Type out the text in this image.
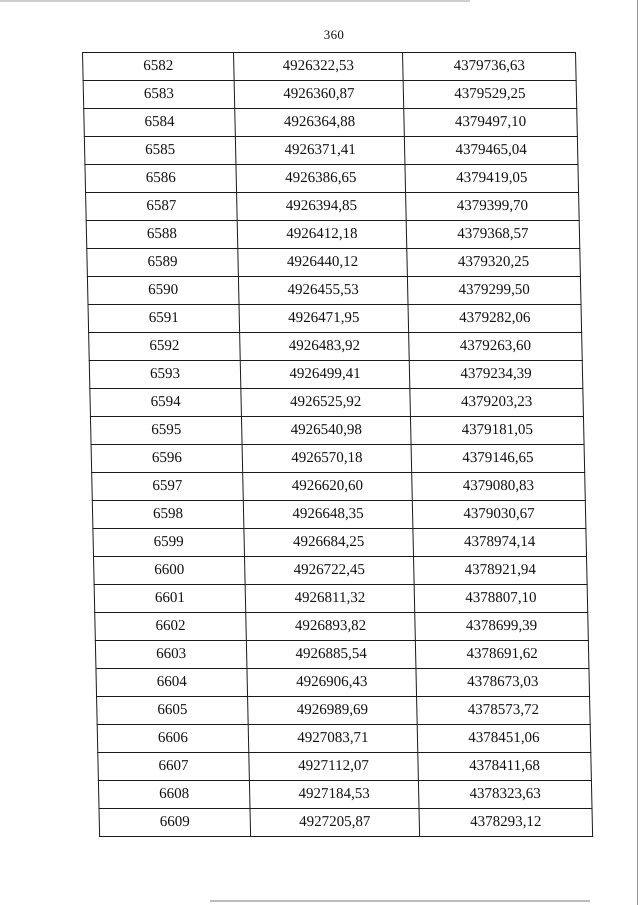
360
6582	4926322,53	4379736,63
6583	4926360,87	4379529,25
6584	4926364,88	4379497,10
6585	4926371,41	4379465,04
6586	4926386,65	4379419,05
6587	4926394,85	4379399,70
6588	4926412,18	4379368,57
6589	4926440,12	4379320,25
6590	4926455,53	4379299,50
6591	4926471,95	4379282,06
6592	4926483,92	4379263,60
6593	4926499,41	4379234,39
6594	4926525,92	4379203,23
6595	4926540,98	4379181,05
6596	4926570,18	4379146,65
6597	4926620,60	4379080,83
6598	4926648,35	4379030,67
6599	4926684,25	4378974,14
6600	4926722,45	4378921,94
6601	4926811,32	4378807,10
6602	4926893,82	4378699,39
6603	4926885,54	4378691,62
6604	4926906,43	4378673,03
6605	4926989,69	4378573,72
6606	4927083,71	4378451,06
6607	4927112,07	4378411,68
6608	4927184,53	4378323,63
6609	4927205,87	4378293,12
